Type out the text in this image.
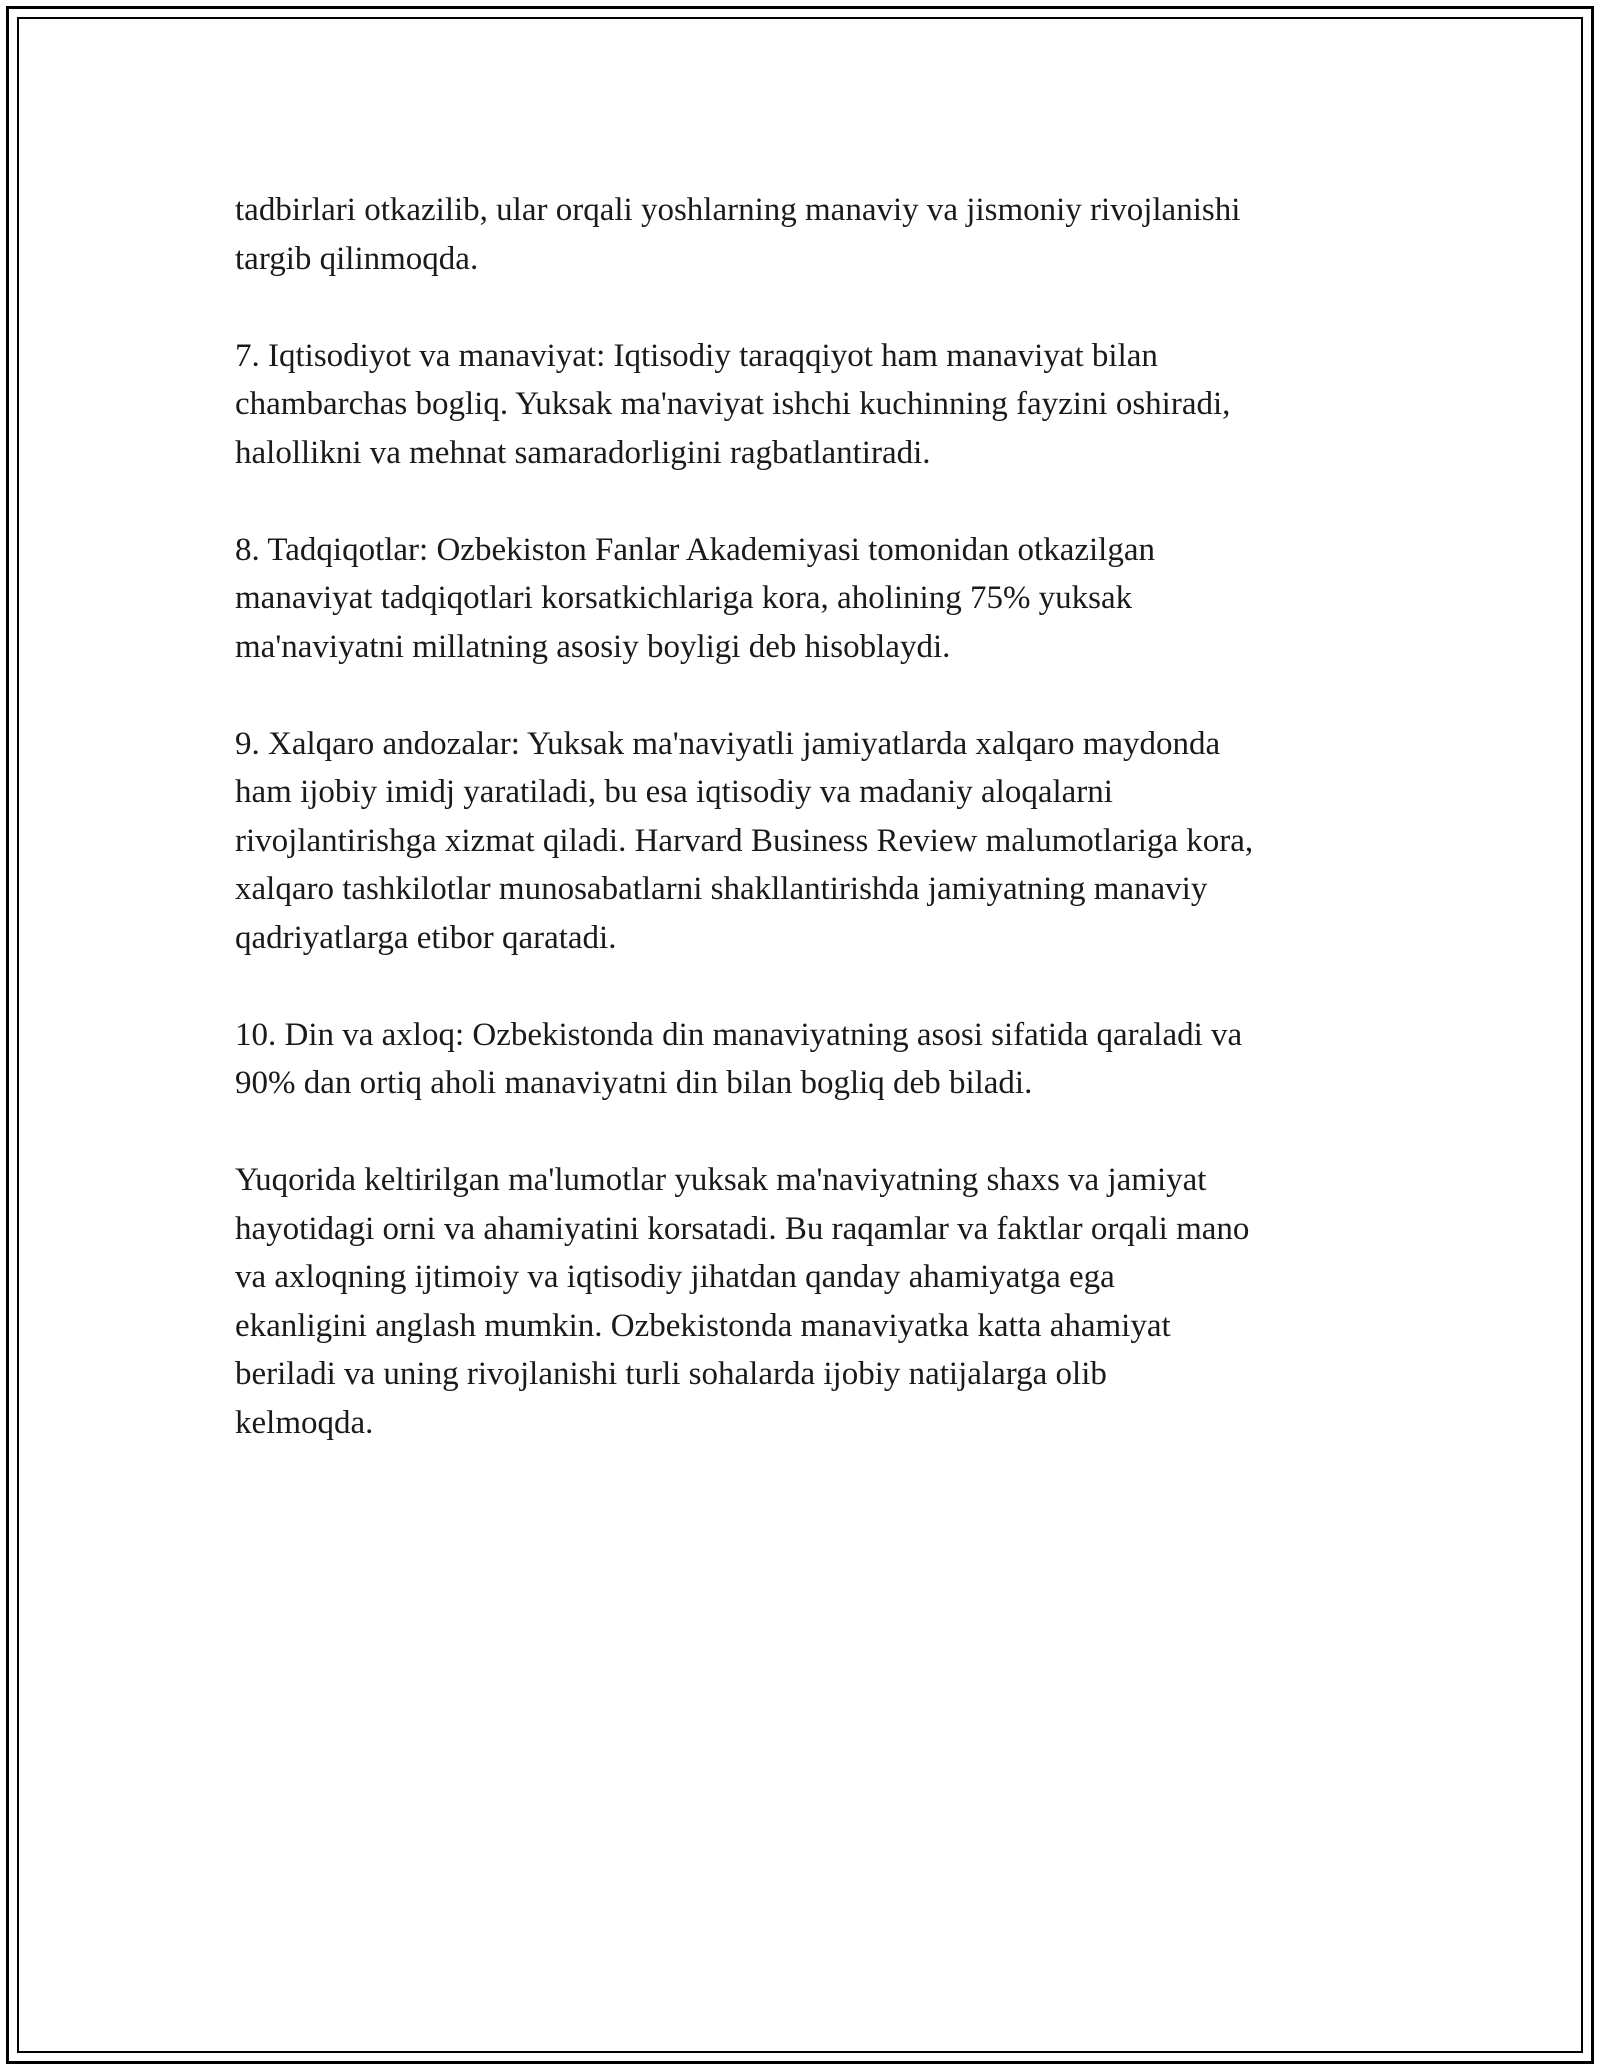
tadbirlari otkazilib, ular orqali yoshlarning manaviy va jismoniy rivojlanishi
targib qilinmoqda.

7. Iqtisodiyot va manaviyat: Iqtisodiy taraqqiyot ham manaviyat bilan
chambarchas bogliq. Yuksak ma'naviyat ishchi kuchinning fayzini oshiradi,
halollikni va mehnat samaradorligini ragbatlantiradi.

8. Tadqiqotlar: Ozbekiston Fanlar Akademiyasi tomonidan otkazilgan
manaviyat tadqiqotlari korsatkichlariga kora, aholining 75% yuksak
ma'naviyatni millatning asosiy boyligi deb hisoblaydi.

9. Xalqaro andozalar: Yuksak ma'naviyatli jamiyatlarda xalqaro maydonda
ham ijobiy imidj yaratiladi, bu esa iqtisodiy va madaniy aloqalarni
rivojlantirishga xizmat qiladi. Harvard Business Review malumotlariga kora,
xalqaro tashkilotlar munosabatlarni shakllantirishda jamiyatning manaviy
qadriyatlarga etibor qaratadi.

10. Din va axloq: Ozbekistonda din manaviyatning asosi sifatida qaraladi va
90% dan ortiq aholi manaviyatni din bilan bogliq deb biladi.

Yuqorida keltirilgan ma'lumotlar yuksak ma'naviyatning shaxs va jamiyat
hayotidagi orni va ahamiyatini korsatadi. Bu raqamlar va faktlar orqali mano
va axloqning ijtimoiy va iqtisodiy jihatdan qanday ahamiyatga ega
ekanligini anglash mumkin. Ozbekistonda manaviyatka katta ahamiyat
beriladi va uning rivojlanishi turli sohalarda ijobiy natijalarga olib
kelmoqda.
